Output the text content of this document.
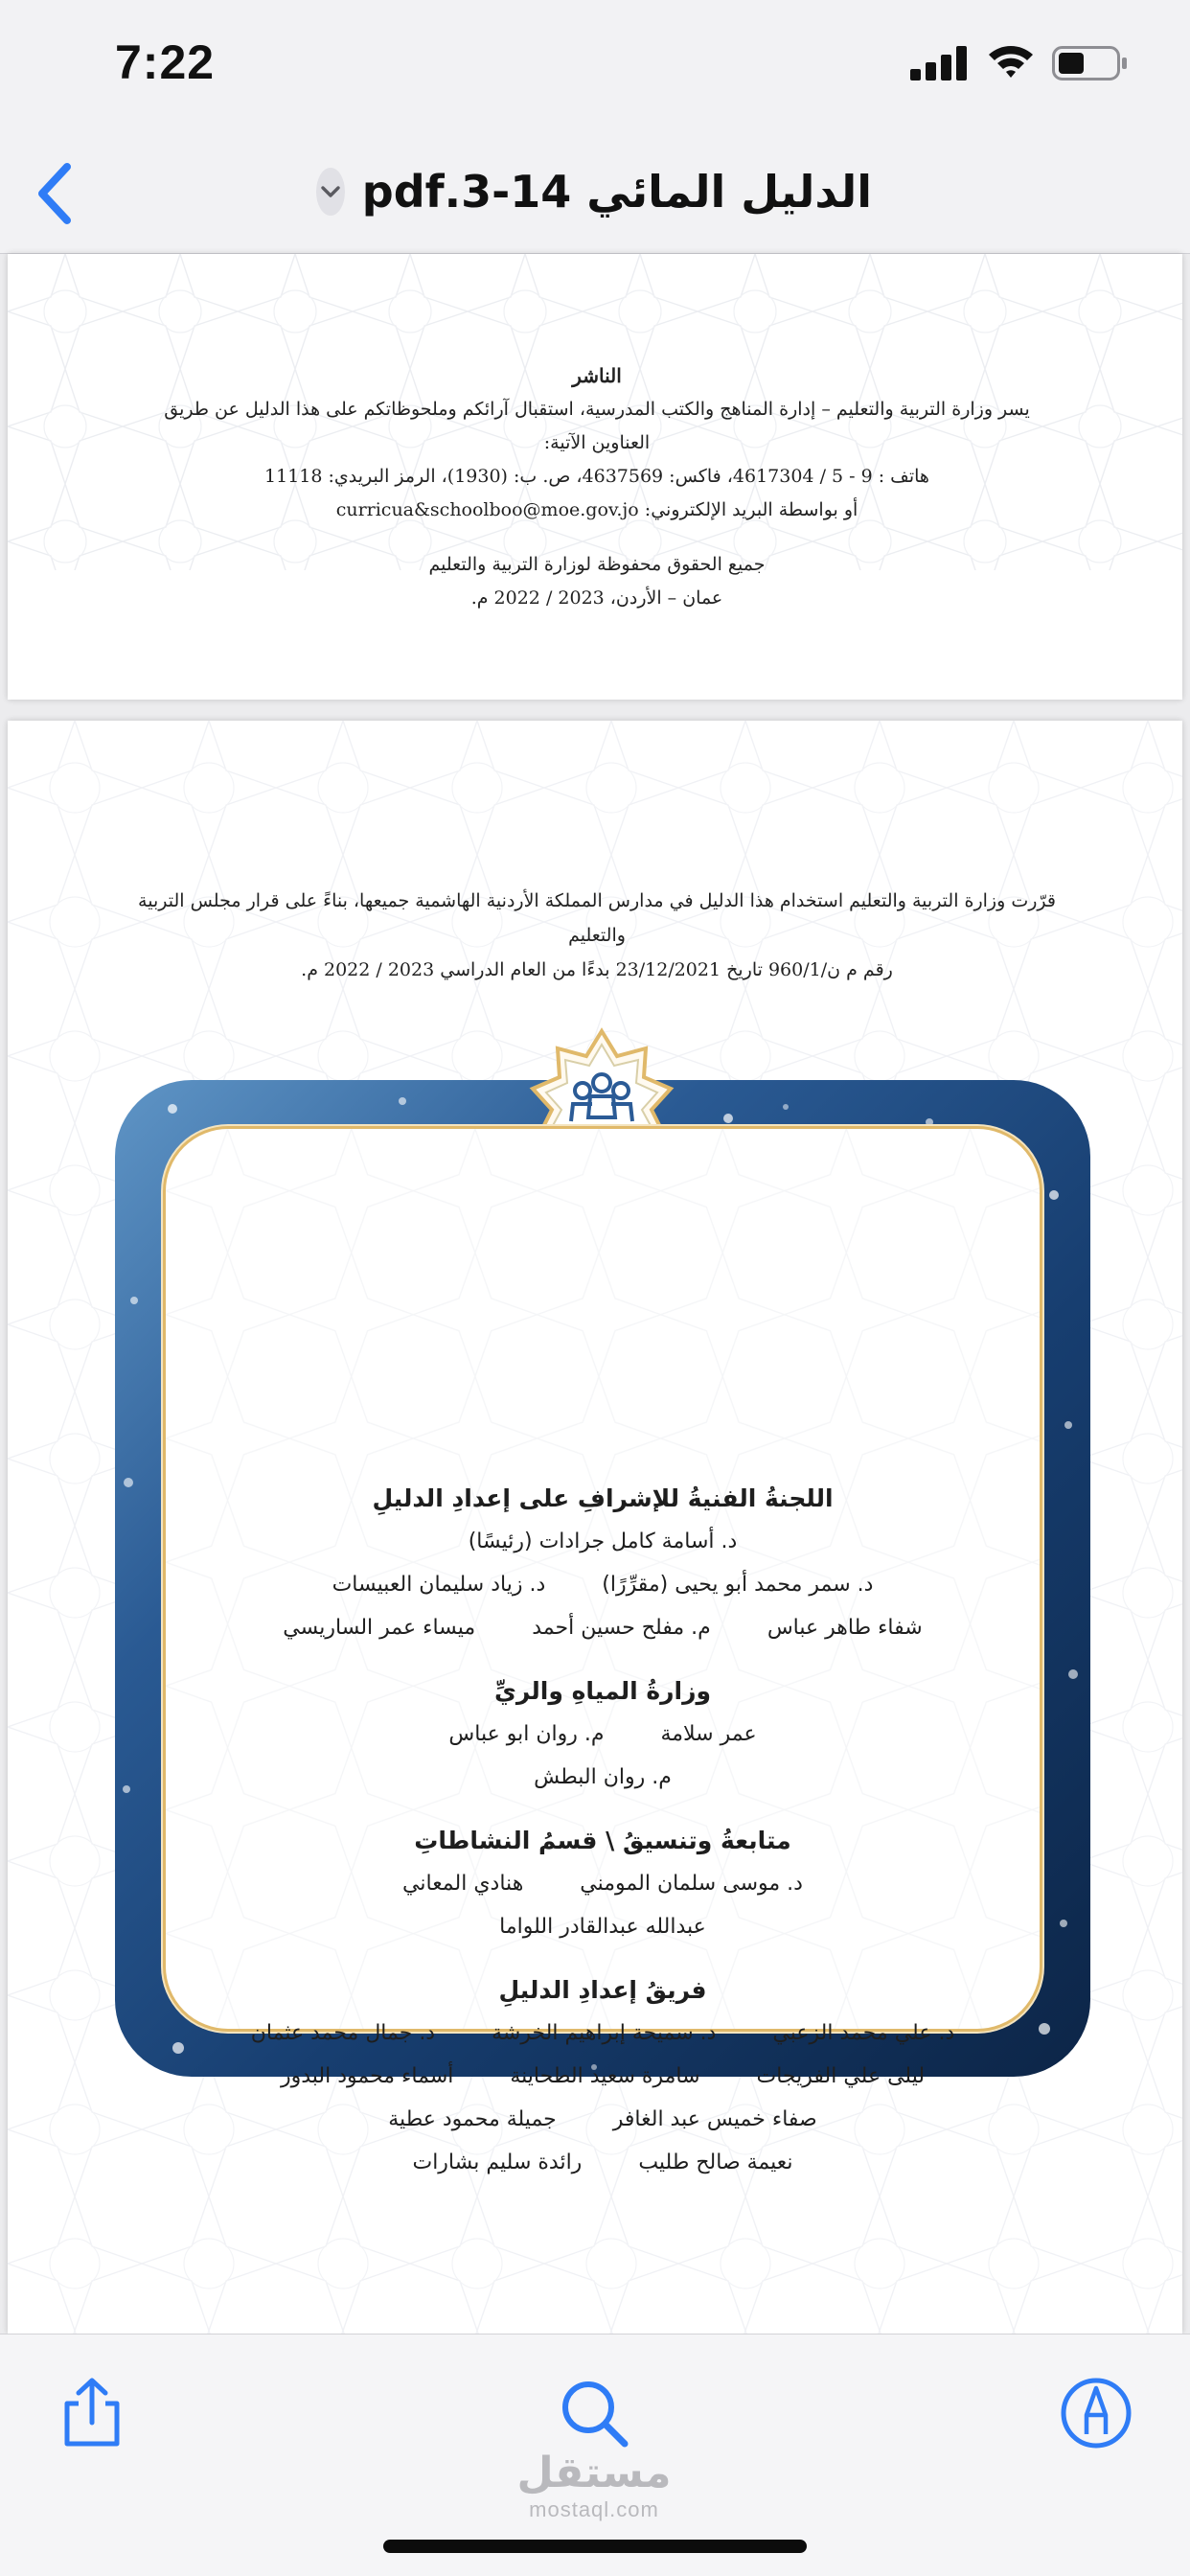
7:22
الدليل المائي 14-3.pdf
الناشر
يسر وزارة التربية والتعليم – إدارة المناهج والكتب المدرسية، استقبال آرائكم وملحوظاتكم على هذا الدليل عن طريق العناوين الآتية:
هاتف : 9 - 5 / 4617304، فاكس: 4637569، ص. ب: (1930)، الرمز البريدي: 11118
أو بواسطة البريد الإلكتروني: curricua&schoolboo@moe.gov.jo
جميع الحقوق محفوظة لوزارة التربية والتعليم
عمان – الأردن، 2023 / 2022 م.
قرّرت وزارة التربية والتعليم استخدام هذا الدليل في مدارس المملكة الأردنية الهاشمية جميعها، بناءً على قرار مجلس التربية والتعليم
رقم م ن/960/1 تاريخ 23/12/2021 بدءًا من العام الدراسي 2023 / 2022 م.
اللجنةُ الفنيةُ للإشرافِ على إعدادِ الدليلِ
د. أسامة كامل جرادات (رئيسًا)
د. سمر محمد أبو يحيى (مقرِّرًا) د. زياد سليمان العبيسات
شفاء طاهر عباس م. مفلح حسين أحمد ميساء عمر الساريسي
وزارةُ المياهِ والريِّ
عمر سلامة م. روان ابو عباس
م. روان البطش
متابعةُ وتنسيقُ \ قسمُ النشاطاتِ
د. موسى سلمان المومني هنادي المعاني
عبدالله عبدالقادر اللواما
فريقُ إعدادِ الدليلِ
د. علي محمد الزعبي د. سميحة إبراهيم الخرشة د. جمال محمد عثمان
ليلى علي الفريجات سامرة سعيد الطحاينة أسماء محمود البدور
صفاء خميس عبد الغافر جميلة محمود عطية
نعيمة صالح طليب رائدة سليم بشارات
مستقل
mostaql.com
